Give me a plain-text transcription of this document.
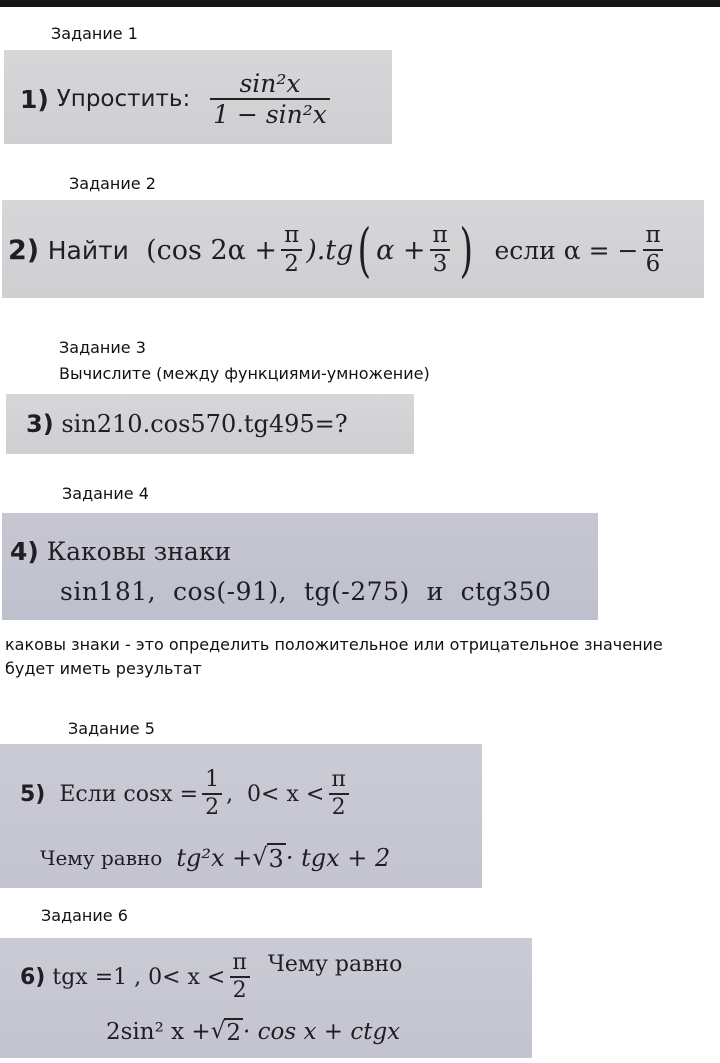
Задание 1
1)
Упростить:
$\frac{\text{sin²x}}{\text{1 − sin²x}}$
Задание 2
2)
Найти
(cos $2\alpha + \frac{\pi}{2} ).tg$ ( $\alpha + \frac{\pi}{3}$ )
если α = − $\frac{\pi}{6}$
Задание 3
Вычислите (между функциями-умножение)
3)
sin210.cos570.tg495=?
Задание 4
4)
Каковы знаки
sin181,  cos(-91),  tg(-275)  и  ctg350
каковы знаки - это определить положительное или отрицательное значение будет иметь результат
Задание 5
5)
Если $\cos x = \frac{1}{2}$ ,  $0< x < \frac{\pi}{2}$
Чему равно
tg²x + √ 3 · tgx + 2
Задание 6
6)
tgx =1 , $0< x < \frac{\pi}{2}$
Чему равно
2sin² x + √ 2 · cos x + ctgx
